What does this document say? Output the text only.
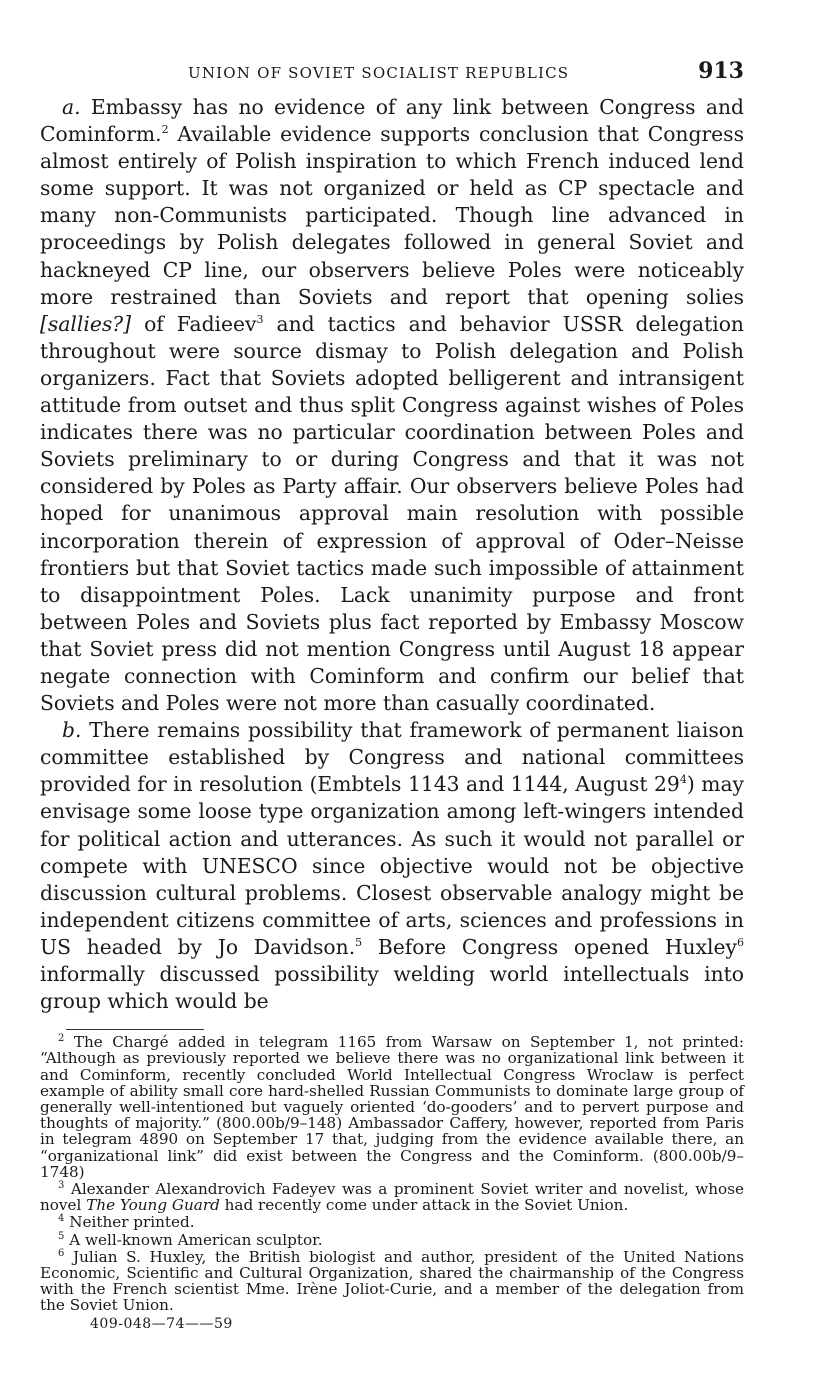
UNION OF SOVIET SOCIALIST REPUBLICS	913

a. Embassy has no evidence of any link between Congress and Cominform.$^2$ Available evidence supports conclusion that Congress almost entirely of Polish inspiration to which French induced lend some support. It was not organized or held as CP spectacle and many non-Communists participated. Though line advanced in proceedings by Polish delegates followed in general Soviet and hackneyed CP line, our observers believe Poles were noticeably more restrained than Soviets and report that opening solies [sallies?] of Fadieev$^3$ and tactics and behavior USSR delegation throughout were source dismay to Polish delegation and Polish organizers. Fact that Soviets adopted belligerent and intransigent attitude from outset and thus split Congress against wishes of Poles indicates there was no particular coordination between Poles and Soviets preliminary to or during Congress and that it was not considered by Poles as Party affair. Our observers believe Poles had hoped for unanimous approval main resolution with possible incorporation therein of expression of approval of Oder–Neisse frontiers but that Soviet tactics made such impossible of attainment to disappointment Poles. Lack unanimity purpose and front between Poles and Soviets plus fact reported by Embassy Moscow that Soviet press did not mention Congress until August 18 appear negate connection with Cominform and confirm our belief that Soviets and Poles were not more than casually coordinated.

b. There remains possibility that framework of permanent liaison committee established by Congress and national committees provided for in resolution (Embtels 1143 and 1144, August 29$^4$) may envisage some loose type organization among left-wingers intended for political action and utterances. As such it would not parallel or compete with UNESCO since objective would not be objective discussion cultural problems. Closest observable analogy might be independent citizens committee of arts, sciences and professions in US headed by Jo Davidson.$^5$ Before Congress opened Huxley$^6$ informally discussed possibility welding world intellectuals into group which would be

$^2$ The Chargé added in telegram 1165 from Warsaw on September 1, not printed: “Although as previously reported we believe there was no organizational link between it and Cominform, recently concluded World Intellectual Congress Wroclaw is perfect example of ability small core hard-shelled Russian Communists to dominate large group of generally well-intentioned but vaguely oriented ‘do-gooders’ and to pervert purpose and thoughts of majority.” (800.00b/9–148) Ambassador Caffery, however, reported from Paris in telegram 4890 on September 17 that, judging from the evidence available there, an “organizational link” did exist between the Congress and the Cominform. (800.00b/9–1748)

$^3$ Alexander Alexandrovich Fadeyev was a prominent Soviet writer and novelist, whose novel The Young Guard had recently come under attack in the Soviet Union.

$^4$ Neither printed.

$^5$ A well-known American sculptor.

$^6$ Julian S. Huxley, the British biologist and author, president of the United Nations Economic, Scientific and Cultural Organization, shared the chairmanship of the Congress with the French scientist Mme. Irène Joliot-Curie, and a member of the delegation from the Soviet Union.

409-048—74——59
